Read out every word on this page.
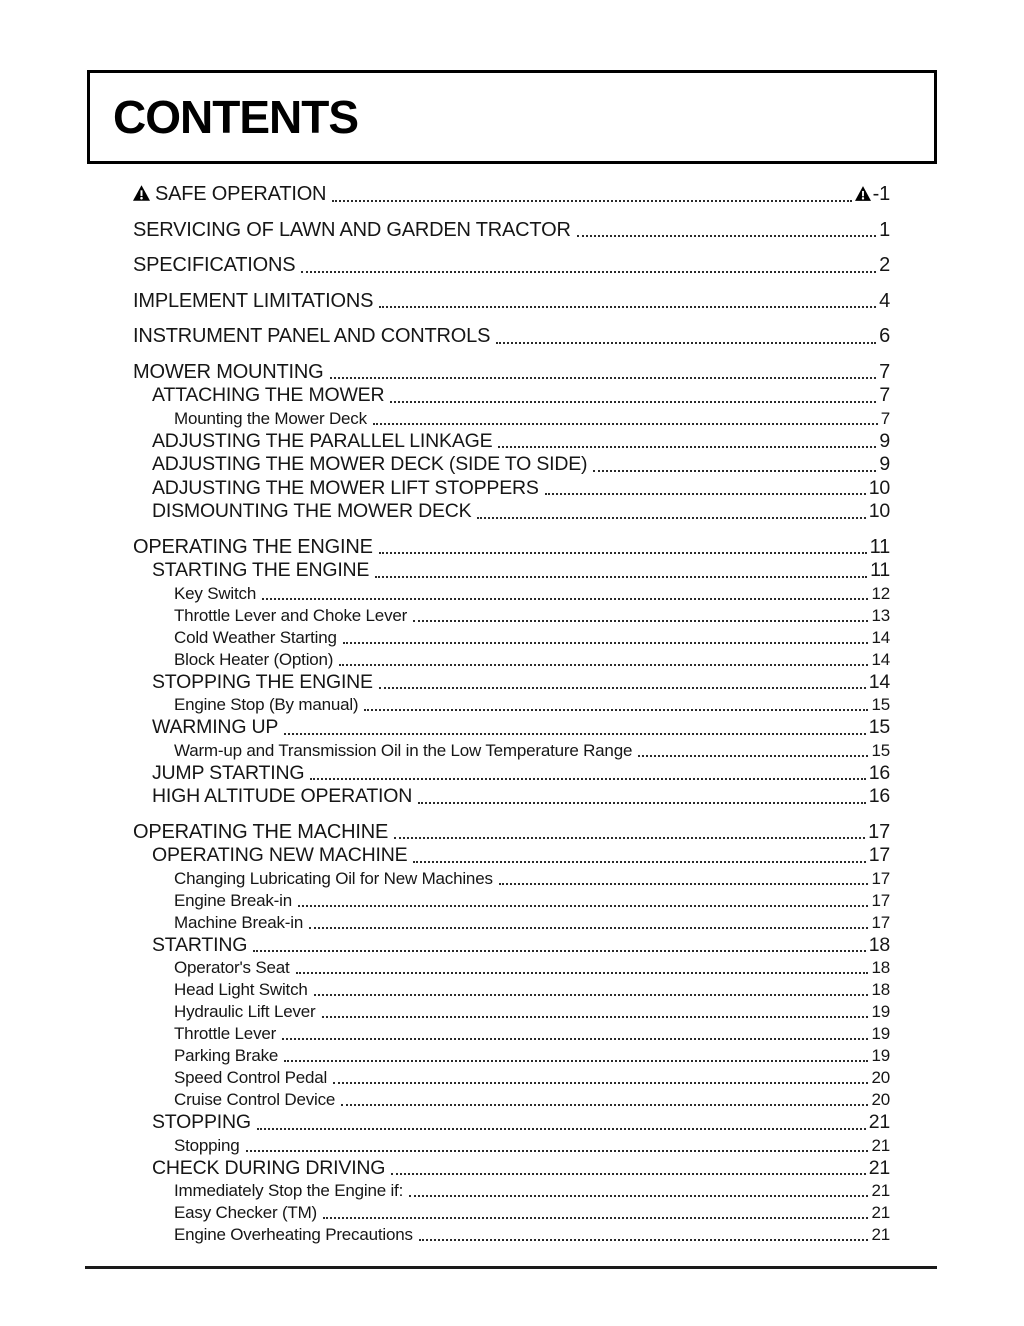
CONTENTS
SAFE OPERATION	-1
SERVICING OF LAWN AND GARDEN TRACTOR	1
SPECIFICATIONS	2
IMPLEMENT LIMITATIONS	4
INSTRUMENT PANEL AND CONTROLS	6
MOWER MOUNTING	7
ATTACHING THE MOWER	7
Mounting the Mower Deck	7
ADJUSTING THE PARALLEL LINKAGE	9
ADJUSTING THE MOWER DECK (SIDE TO SIDE)	9
ADJUSTING THE MOWER LIFT STOPPERS	10
DISMOUNTING THE MOWER DECK	10
OPERATING THE ENGINE	11
STARTING THE ENGINE	11
Key Switch	12
Throttle Lever and Choke Lever	13
Cold Weather Starting	14
Block Heater (Option)	14
STOPPING THE ENGINE	14
Engine Stop (By manual)	15
WARMING UP	15
Warm-up and Transmission Oil in the Low Temperature Range	15
JUMP STARTING	16
HIGH ALTITUDE OPERATION	16
OPERATING THE MACHINE	17
OPERATING NEW MACHINE	17
Changing Lubricating Oil for New Machines	17
Engine Break-in	17
Machine Break-in	17
STARTING	18
Operator's Seat	18
Head Light Switch	18
Hydraulic Lift Lever	19
Throttle Lever	19
Parking Brake	19
Speed Control Pedal	20
Cruise Control Device	20
STOPPING	21
Stopping	21
CHECK DURING DRIVING	21
Immediately Stop the Engine if:	21
Easy Checker (TM)	21
Engine Overheating Precautions	21
